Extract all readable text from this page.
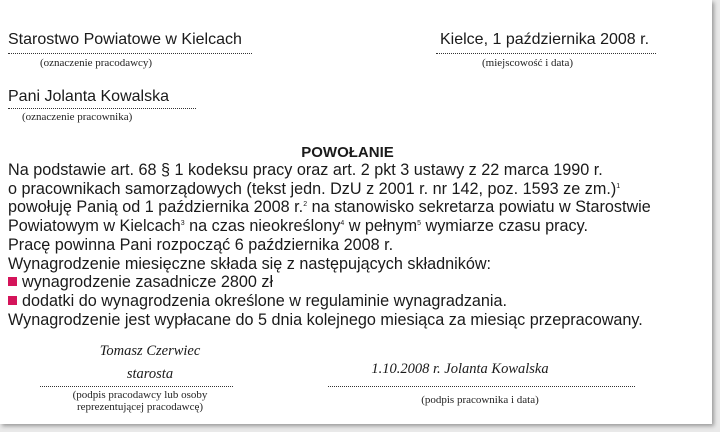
Starostwo Powiatowe w Kielcach
(oznaczenie pracodawcy)
Kielce, 1 października 2008 r.
(miejscowość i data)
Pani Jolanta Kowalska
(oznaczenie pracownika)
POWOŁANIE
Na podstawie art. 68 § 1 kodeksu pracy oraz art. 2 pkt 3 ustawy z 22 marca 1990 r.
o pracownikach samorządowych (tekst jedn. DzU z 2001 r. nr 142, poz. 1593 ze zm.)$^1$
powołuję Panią od 1 października 2008 r.$^2$ na stanowisko sekretarza powiatu w Starostwie
Powiatowym w Kielcach$^3$ na czas nieokreślony$^4$ w pełnym$^5$ wymiarze czasu pracy.
Pracę powinna Pani rozpocząć 6 października 2008 r.
Wynagrodzenie miesięczne składa się z następujących składników:
wynagrodzenie zasadnicze 2800 zł
dodatki do wynagrodzenia określone w regulaminie wynagradzania.
Wynagrodzenie jest wypłacane do 5 dnia kolejnego miesiąca za miesiąc przepracowany.
Tomasz Czerwiec
starosta
(podpis pracodawcy lub osoby
reprezentującej pracodawcę)
1.10.2008 r. Jolanta Kowalska
(podpis pracownika i data)
